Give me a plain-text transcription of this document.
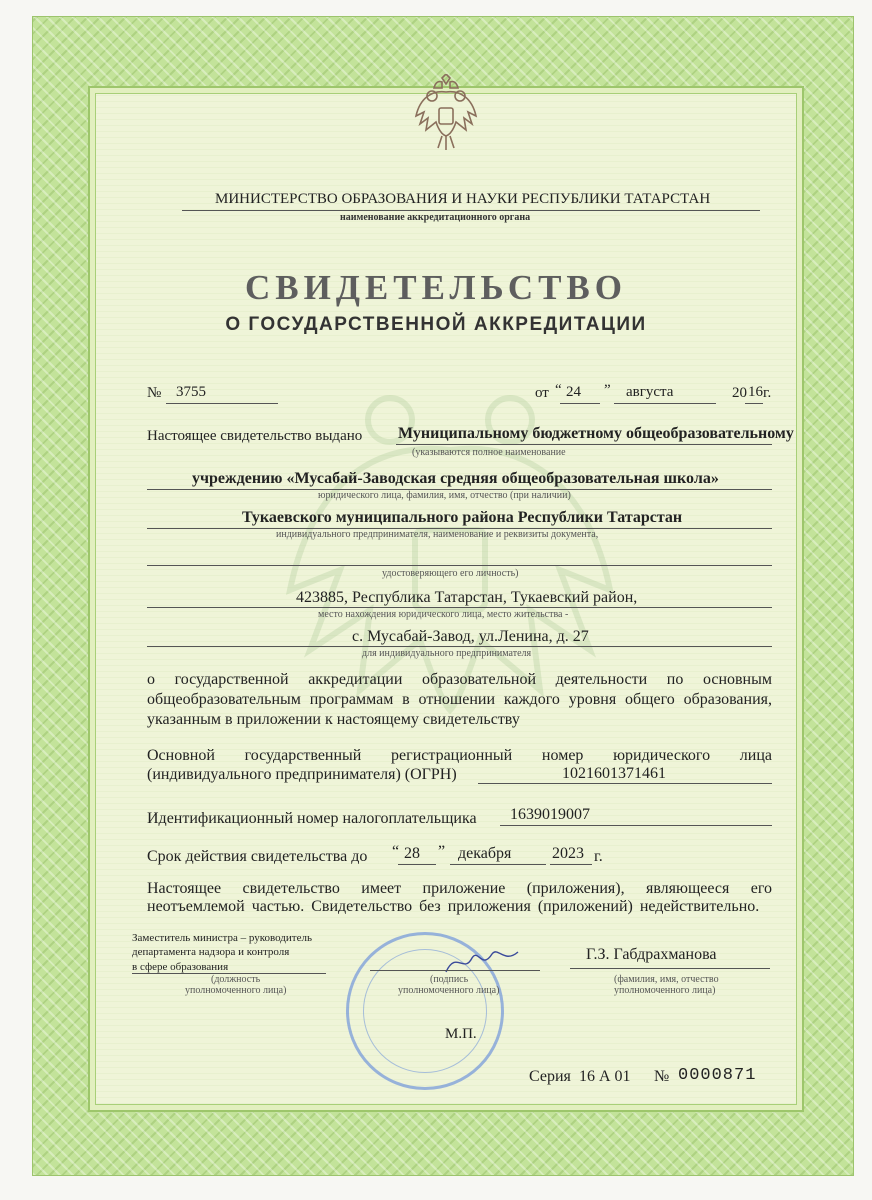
МИНИСТЕРСТВО ОБРАЗОВАНИЯ И НАУКИ РЕСПУБЛИКИ ТАТАРСТАН
наименование аккредитационного органа
СВИДЕТЕЛЬСТВО
О ГОСУДАРСТВЕННОЙ АККРЕДИТАЦИИ
№ 3755	от “ 24 ” августа	20 16 г.
Настоящее свидетельство выдано Муниципальному бюджетному общеобразовательному
(указываются полное наименование
учреждению «Мусабай-Заводская средняя общеобразовательная школа»
юридического лица, фамилия, имя, отчество (при наличии)
Тукаевского муниципального района Республики Татарстан
индивидуального предпринимателя, наименование и реквизиты документа,
удостоверяющего его личность)
423885, Республика Татарстан, Тукаевский район,
место нахождения юридического лица, место жительства -
с. Мусабай-Завод, ул.Ленина, д. 27
для индивидуального предпринимателя
о государственной аккредитации образовательной деятельности по основным общеобразовательным программам в отношении каждого уровня общего образования, указанным в приложении к настоящему свидетельству
Основной государственный регистрационный номер юридического лица
(индивидуального предпринимателя) (ОГРН)	1021601371461
Идентификационный номер налогоплательщика 1639019007
Срок действия свидетельства до “ 28 ” декабря	2023 г.
Настоящее свидетельство имеет приложение (приложения), являющееся его неотъемлемой частью. Свидетельство без приложения (приложений) недействительно.
Заместитель министра – руководитель
департамента надзора и контроля
в сфере образования
(должность
уполномоченного лица)
(подпись
уполномоченного лица)
Г.З. Габдрахманова
(фамилия, имя, отчество
уполномоченного лица)
М.П.
Серия 16 А 01 № 0000871
